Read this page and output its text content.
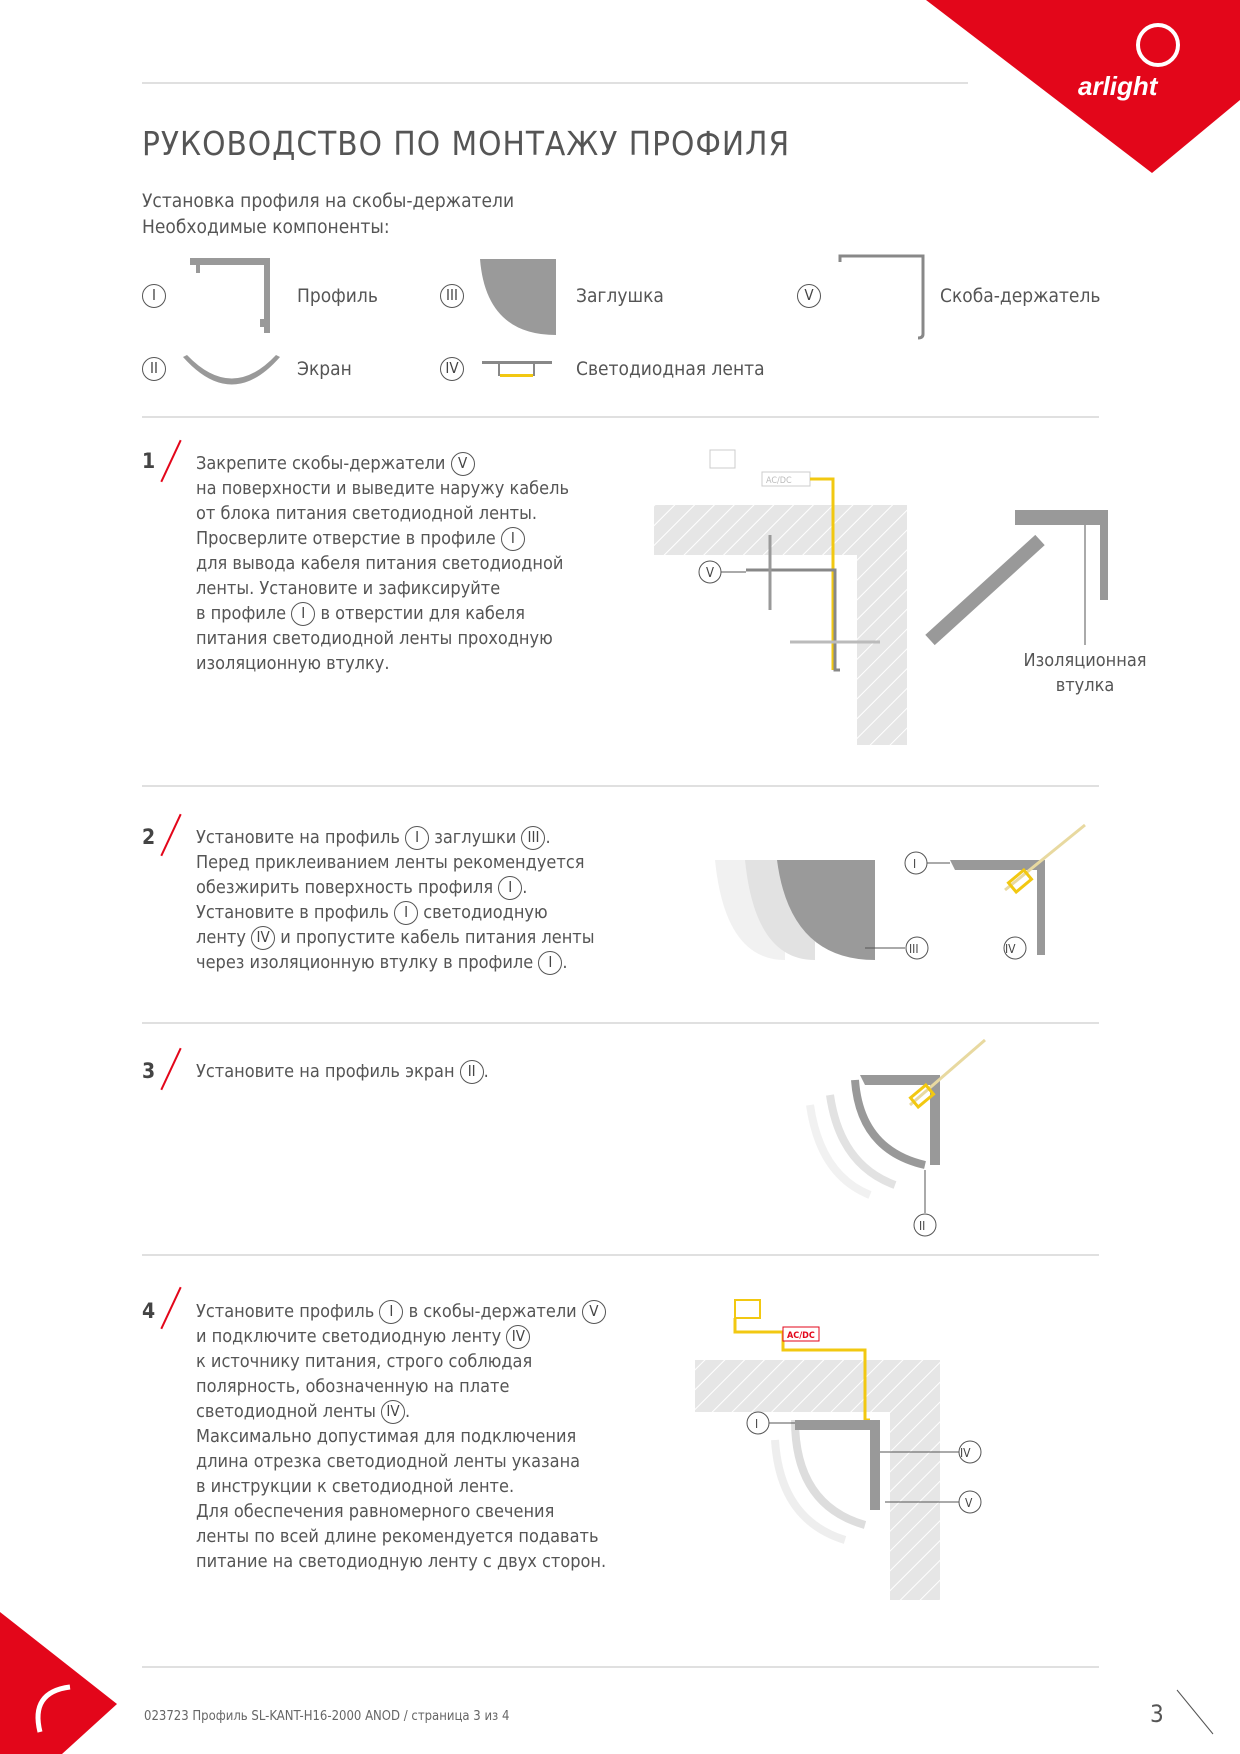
arlight
РУКОВОДСТВО ПО МОНТАЖУ ПРОФИЛЯ
Установка профиля на скобы-держатели
Необходимые компоненты:
I	Профиль
II	Экран
III	Заглушка
IV	Светодиодная лента
V	Скоба-держатель
1 Закрепите скобы-держатели V
на поверхности и выведите наружу кабель
от блока питания светодиодной ленты.
Просверлите отверстие в профиле I
для вывода кабеля питания светодиодной
ленты. Установите и зафиксируйте
в профиле I в отверстии для кабеля
питания светодиодной ленты проходную
изоляционную втулку.
2 Установите на профиль I заглушки III .
Перед приклеиванием ленты рекомендуется
обезжирить поверхность профиля I .
Установите в профиль I светодиодную
ленту IV и пропустите кабель питания ленты
через изоляционную втулку в профиле I .
3 Установите на профиль экран II .
4 Установите профиль I в скобы-держатели V
и подключите светодиодную ленту IV
к источнику питания, строго соблюдая
полярность, обозначенную на плате
светодиодной ленты IV .
Максимально допустимая для подключения
длина отрезка светодиодной ленты указана
в инструкции к светодиодной ленте.
Для обеспечения равномерного свечения
ленты по всей длине рекомендуется подавать
питание на светодиодную ленту с двух сторон.
AC/DC
V
Изоляционная
втулка
III
I
IV
II
AC/DC
I
IV
V
023723 Профиль SL-KANT-H16-2000 ANOD / страница 3 из 4	3
